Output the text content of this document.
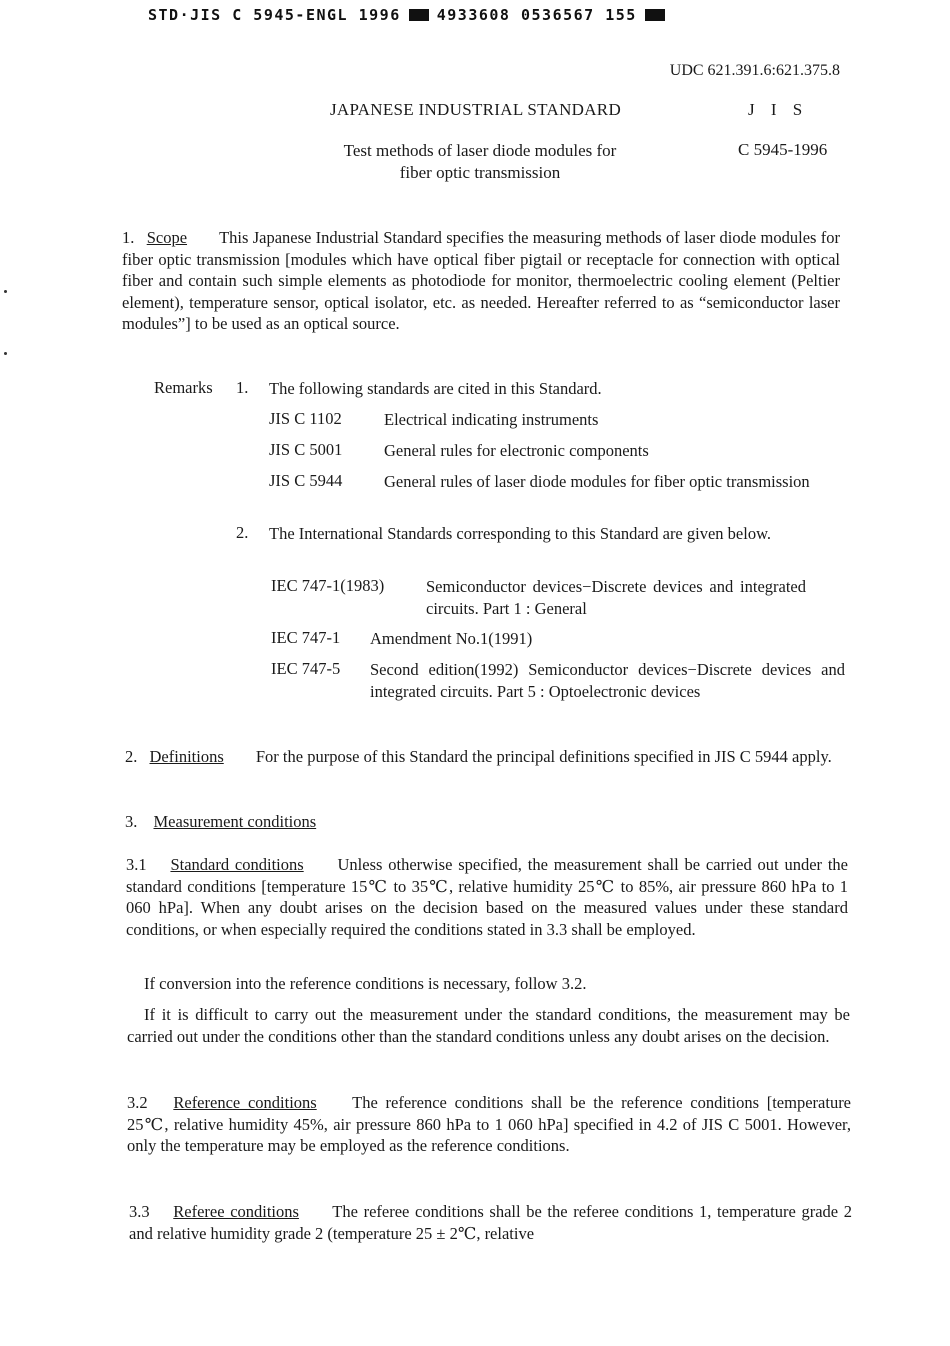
STD·JIS C 5945-ENGL 1996 4933608 0536567 155
UDC 621.391.6:621.375.8
JAPANESE INDUSTRIAL STANDARD	J I S
Test methods of laser diode modules for
fiber optic transmission
C 5945-1996
1. Scope This Japanese Industrial Standard specifies the measuring methods of laser diode modules for fiber optic transmission [modules which have optical fiber pigtail or receptacle for connection with optical fiber and contain such simple elements as photodiode for monitor, thermoelectric cooling element (Peltier element), temperature sensor, optical isolator, etc. as needed. Hereafter referred to as “semiconductor laser modules”] to be used as an optical source.
Remarks 1. The following standards are cited in this Standard.
JIS C 1102	Electrical indicating instruments
JIS C 5001	General rules for electronic components
JIS C 5944	General rules of laser diode modules for fiber optic transmission
2. The International Standards corresponding to this Standard are given below.
IEC 747-1(1983)	Semiconductor devices−Discrete devices and integrated circuits. Part 1 : General
IEC 747-1 Amendment No.1(1991)
IEC 747-5 Second edition(1992) Semiconductor devices−Discrete devices and integrated circuits. Part 5 : Optoelectronic devices
2. Definitions For the purpose of this Standard the principal definitions specified in JIS C 5944 apply.
3. Measurement conditions
3.1 Standard conditions Unless otherwise specified, the measurement shall be carried out under the standard conditions [temperature 15℃ to 35℃, relative humidity 25℃ to 85%, air pressure 860 hPa to 1 060 hPa]. When any doubt arises on the decision based on the measured values under these standard conditions, or when especially required the conditions stated in 3.3 shall be employed.
If conversion into the reference conditions is necessary, follow 3.2.
If it is difficult to carry out the measurement under the standard conditions, the measurement may be carried out under the conditions other than the standard conditions unless any doubt arises on the decision.
3.2 Reference conditions The reference conditions shall be the reference conditions [temperature 25℃, relative humidity 45%, air pressure 860 hPa to 1 060 hPa] specified in 4.2 of JIS C 5001. However, only the temperature may be employed as the reference conditions.
3.3 Referee conditions The referee conditions shall be the referee conditions 1, temperature grade 2 and relative humidity grade 2 (temperature 25 ± 2℃, relative
